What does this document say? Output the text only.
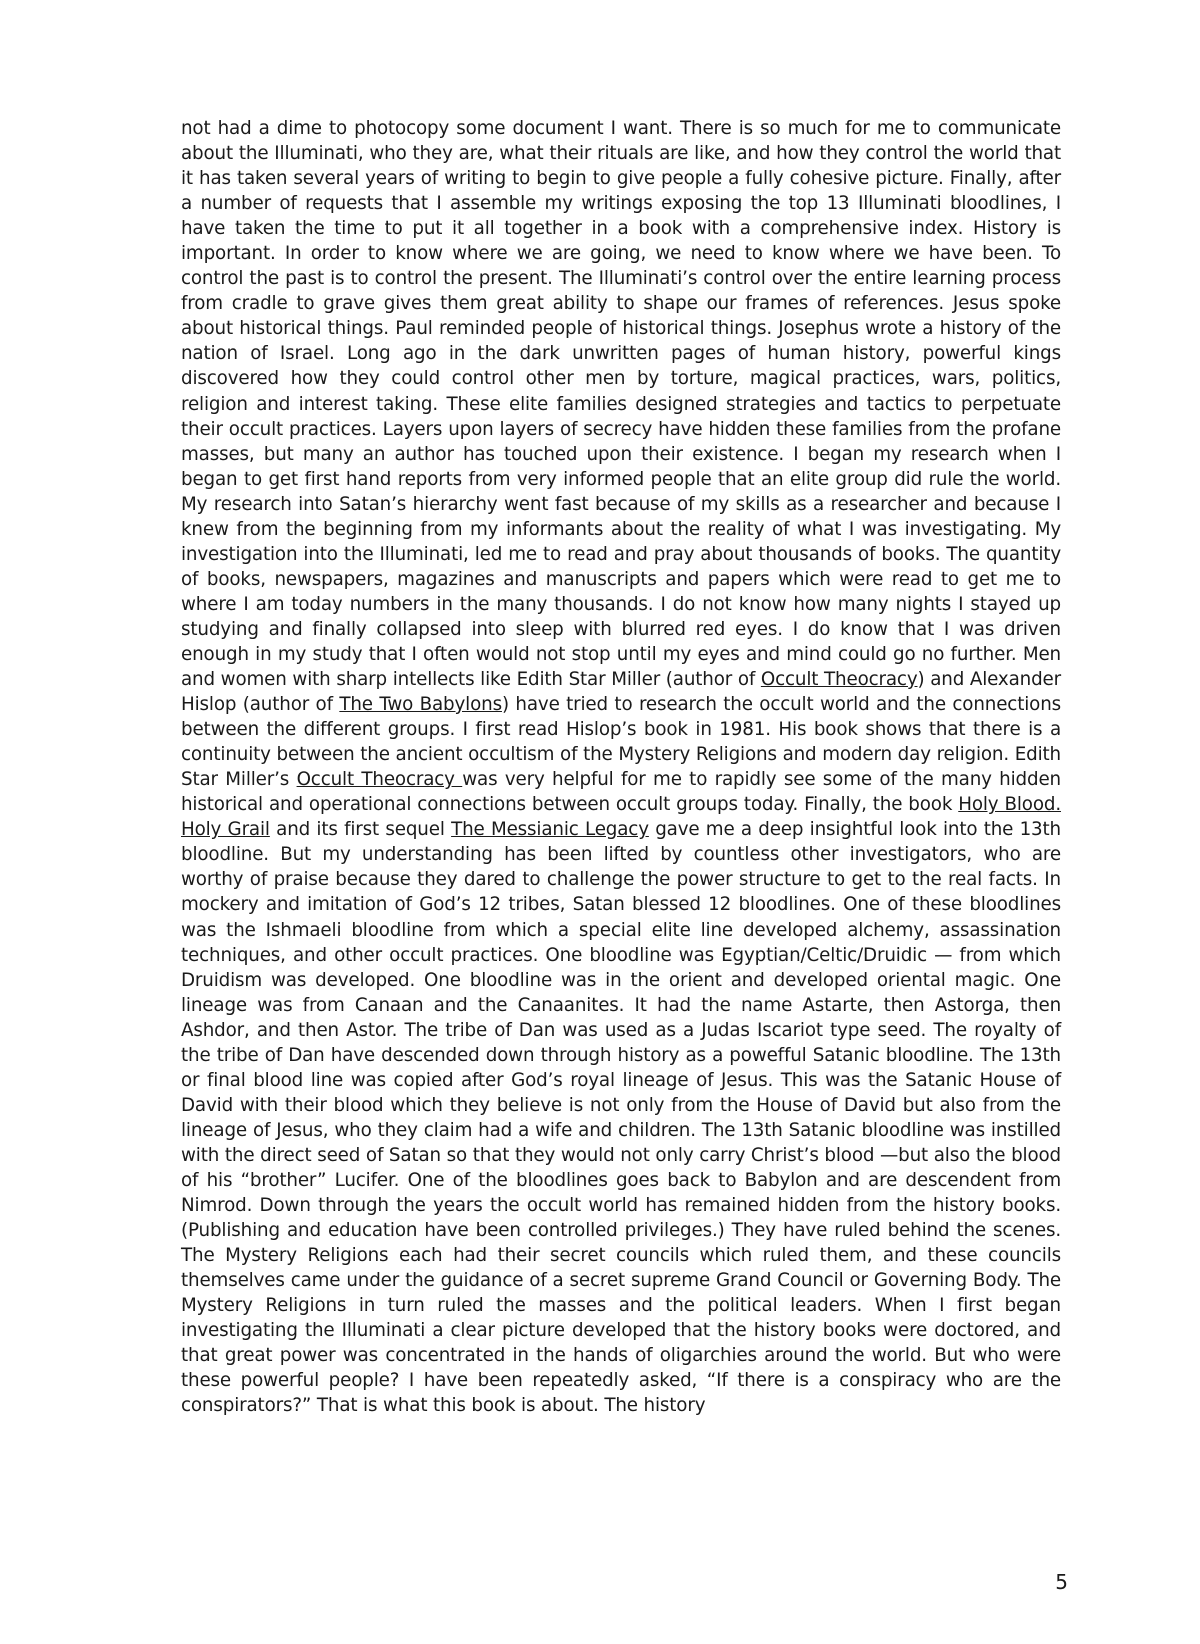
not had a dime to photocopy some document I want. There is so much for me to communicate about the Illuminati, who they are, what their rituals are like, and how they control the world that it has taken several years of writing to begin to give people a fully cohesive picture. Finally, after a number of requests that I assemble my writings exposing the top 13 Illuminati bloodlines, I have taken the time to put it all together in a book with a comprehensive index. History is important. In order to know where we are going, we need to know where we have been. To control the past is to control the present. The Illuminati’s control over the entire learning process from cradle to grave gives them great ability to shape our frames of references. Jesus spoke about historical things. Paul reminded people of historical things. Josephus wrote a history of the nation of Israel. Long ago in the dark unwritten pages of human history, powerful kings discovered how they could control other men by torture, magical practices, wars, politics, religion and interest taking. These elite families designed strategies and tactics to perpetuate their occult practices. Layers upon layers of secrecy have hidden these families from the profane masses, but many an author has touched upon their existence. I began my research when I began to get first hand reports from very informed people that an elite group did rule the world. My research into Satan’s hierarchy went fast because of my skills as a researcher and because I knew from the beginning from my informants about the reality of what I was investigating. My investigation into the Illuminati, led me to read and pray about thousands of books. The quantity of books, newspapers, magazines and manuscripts and papers which were read to get me to where I am today numbers in the many thousands. I do not know how many nights I stayed up studying and finally collapsed into sleep with blurred red eyes. I do know that I was driven enough in my study that I often would not stop until my eyes and mind could go no further. Men and women with sharp intellects like Edith Star Miller (author of Occult Theocracy) and Alexander Hislop (author of The Two Babylons) have tried to research the occult world and the connections between the different groups. I first read Hislop’s book in 1981. His book shows that there is a continuity between the ancient occultism of the Mystery Religions and modern day religion. Edith Star Miller’s Occult Theocracy was very helpful for me to rapidly see some of the many hidden historical and operational connections between occult groups today. Finally, the book Holy Blood. Holy Grail and its first sequel The Messianic Legacy gave me a deep insightful look into the 13th bloodline. But my understanding has been lifted by countless other investigators, who are worthy of praise because they dared to challenge the power structure to get to the real facts. In mockery and imitation of God’s 12 tribes, Satan blessed 12 bloodlines. One of these bloodlines was the Ishmaeli bloodline from which a special elite line developed alchemy, assassination techniques, and other occult practices. One bloodline was Egyptian/Celtic/Druidic — from which Druidism was developed. One bloodline was in the orient and developed oriental magic. One lineage was from Canaan and the Canaanites. It had the name Astarte, then Astorga, then Ashdor, and then Astor. The tribe of Dan was used as a Judas Iscariot type seed. The royalty of the tribe of Dan have descended down through history as a powefful Satanic bloodline. The 13th or final blood line was copied after God’s royal lineage of Jesus. This was the Satanic House of David with their blood which they believe is not only from the House of David but also from the lineage of Jesus, who they claim had a wife and children. The 13th Satanic bloodline was instilled with the direct seed of Satan so that they would not only carry Christ’s blood —but also the blood of his “brother” Lucifer. One of the bloodlines goes back to Babylon and are descendent from Nimrod. Down through the years the occult world has remained hidden from the history books. (Publishing and education have been controlled privileges.) They have ruled behind the scenes. The Mystery Religions each had their secret councils which ruled them, and these councils themselves came under the guidance of a secret supreme Grand Council or Governing Body. The Mystery Religions in turn ruled the masses and the political leaders. When I first began investigating the Illuminati a clear picture developed that the history books were doctored, and that great power was concentrated in the hands of oligarchies around the world. But who were these powerful people? I have been repeatedly asked, “If there is a conspiracy who are the conspirators?” That is what this book is about. The history

5
